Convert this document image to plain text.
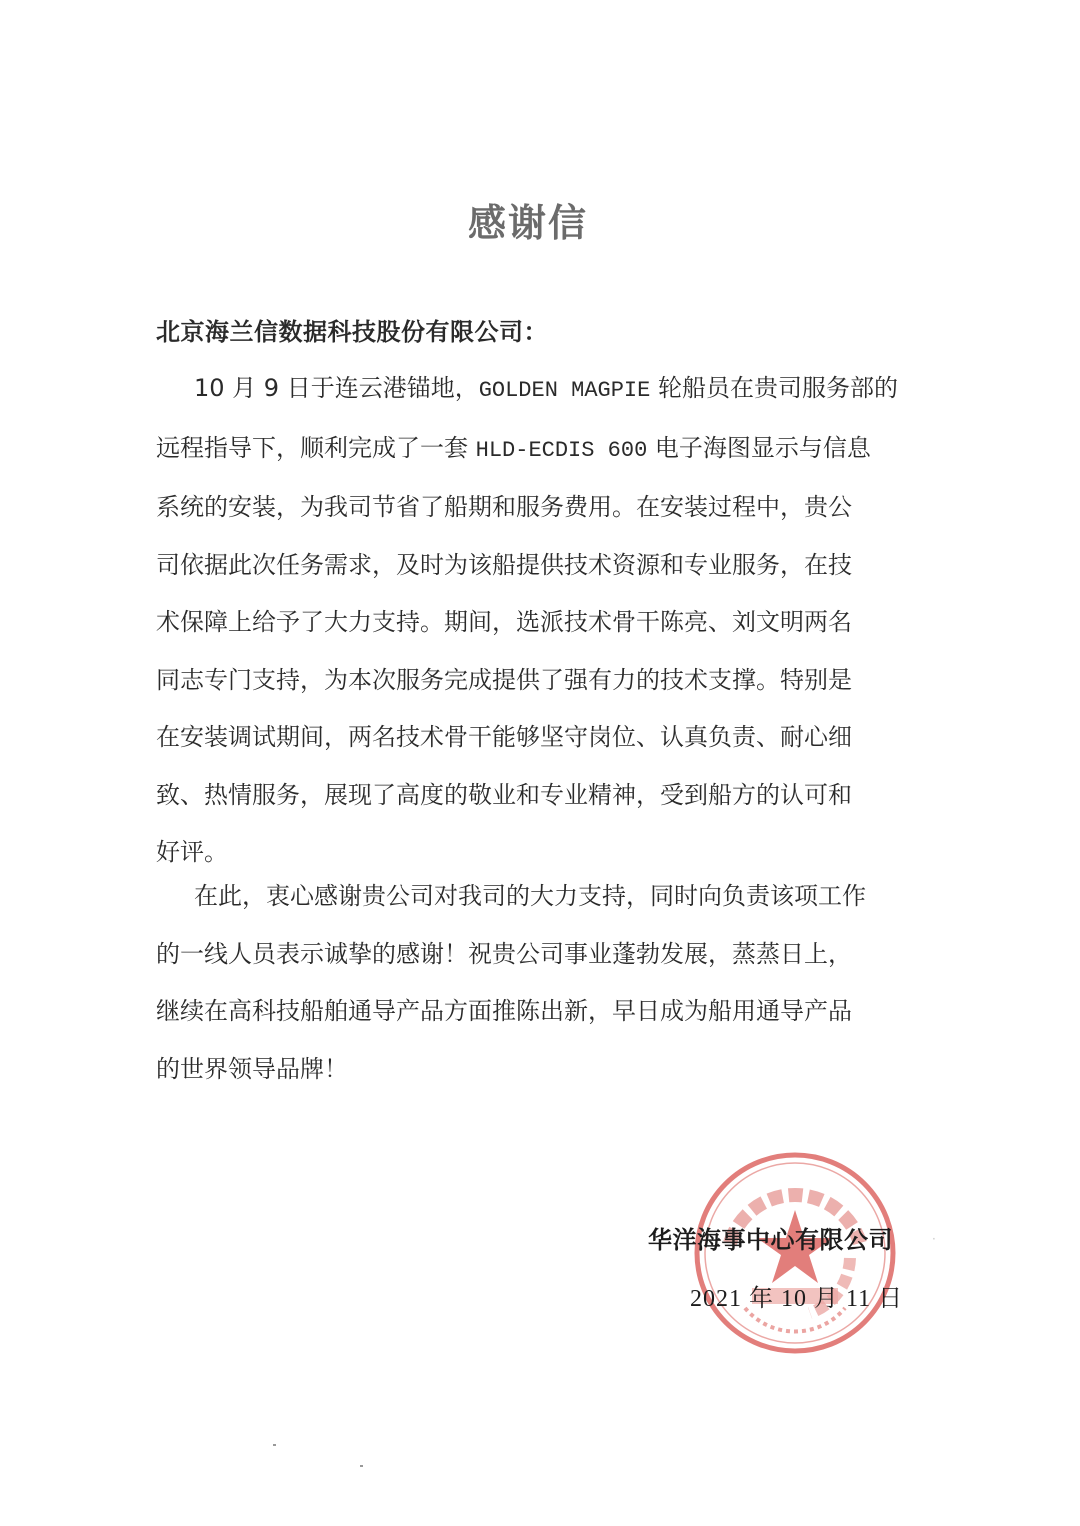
感谢信
北京海兰信数据科技股份有限公司：
10 月 9 日于连云港锚地，GOLDEN MAGPIE 轮船员在贵司服务部的
远程指导下，顺利完成了一套 HLD-ECDIS 600 电子海图显示与信息
系统的安装，为我司节省了船期和服务费用。在安装过程中，贵公
司依据此次任务需求，及时为该船提供技术资源和专业服务，在技
术保障上给予了大力支持。期间，选派技术骨干陈亮、刘文明两名
同志专门支持，为本次服务完成提供了强有力的技术支撑。特别是
在安装调试期间，两名技术骨干能够坚守岗位、认真负责、耐心细
致、热情服务，展现了高度的敬业和专业精神，受到船方的认可和
好评。
在此，衷心感谢贵公司对我司的大力支持，同时向负责该项工作
的一线人员表示诚挚的感谢！祝贵公司事业蓬勃发展，蒸蒸日上，
继续在高科技船舶通导产品方面推陈出新，早日成为船用通导产品
的世界领导品牌！
华洋海事中心有限公司
2021 年 10 月 11 日
·
